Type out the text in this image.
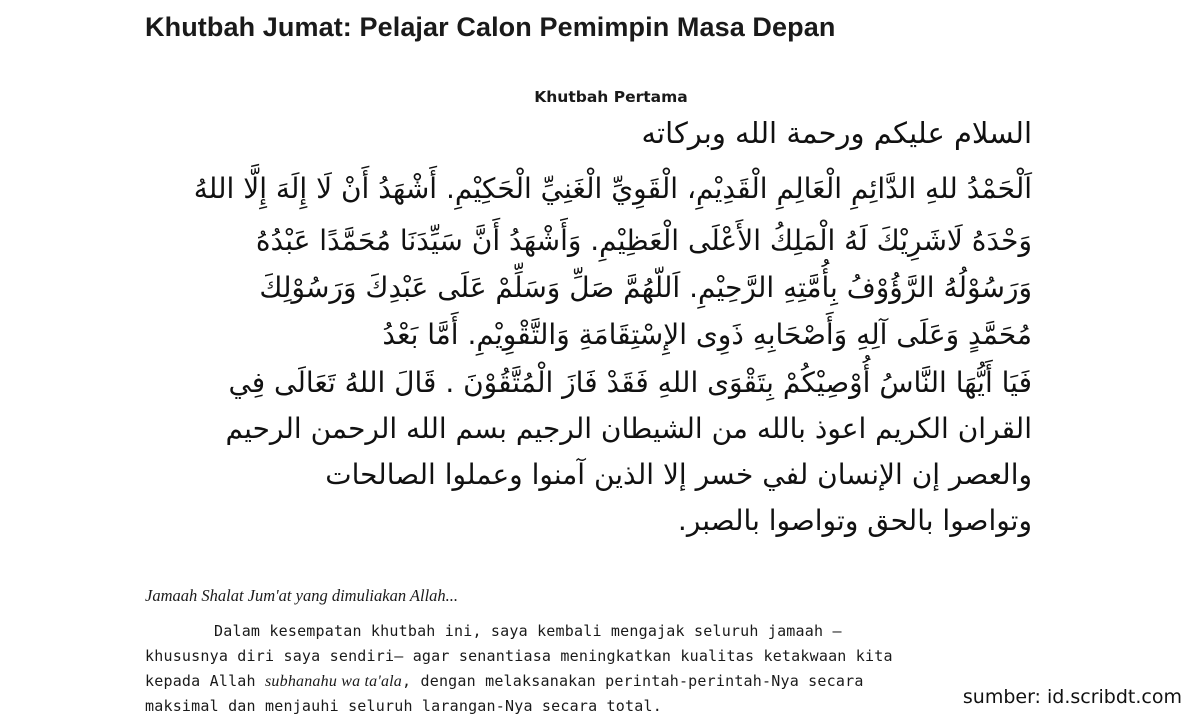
Khutbah Jumat: Pelajar Calon Pemimpin Masa Depan
Khutbah Pertama
السلام عليكم ورحمة الله وبركاته
اَلْحَمْدُ للهِ الدَّائِمِ الْعَالِمِ الْقَدِيْمِ، الْقَوِيِّ الْغَنِيِّ الْحَكِيْمِ. أَشْهَدُ أَنْ لَا إِلَهَ إِلَّا اللهُ
وَحْدَهُ لَاشَرِيْكَ لَهُ الْمَلِكُ الأَعْلَى الْعَظِيْمِ. وَأَشْهَدُ أَنَّ سَيِّدَنَا مُحَمَّدًا عَبْدُهُ
وَرَسُوْلُهُ الرَّؤُوْفُ بِأُمَّتِهِ الرَّحِيْمِ. اَللّهُمَّ صَلِّ وَسَلِّمْ عَلَى عَبْدِكَ وَرَسُوْلِكَ
مُحَمَّدٍ وَعَلَى آلِهِ وَأَصْحَابِهِ ذَوِى الإِسْتِقَامَةِ وَالتَّقْوِيْمِ. أَمَّا بَعْدُ
فَيَا أَيُّهَا النَّاسُ أُوْصِيْكُمْ بِتَقْوَى اللهِ فَقَدْ فَازَ الْمُتَّقُوْنَ . قَالَ اللهُ تَعَالَى فِي
القران الكريم اعوذ بالله من الشيطان الرجيم بسم الله الرحمن الرحيم
والعصر إن الإنسان لفي خسر إلا الذين آمنوا وعملوا الصالحات
وتواصوا بالحق وتواصوا بالصبر.
Jamaah Shalat Jum'at yang dimuliakan Allah...
Dalam kesempatan khutbah ini, saya kembali mengajak seluruh jamaah –
khususnya diri saya sendiri– agar senantiasa meningkatkan kualitas ketakwaan kita
kepada Allah subhanahu wa ta'ala, dengan melaksanakan perintah-perintah-Nya secara
maksimal dan menjauhi seluruh larangan-Nya secara total.	sumber: id.scribdt.com
